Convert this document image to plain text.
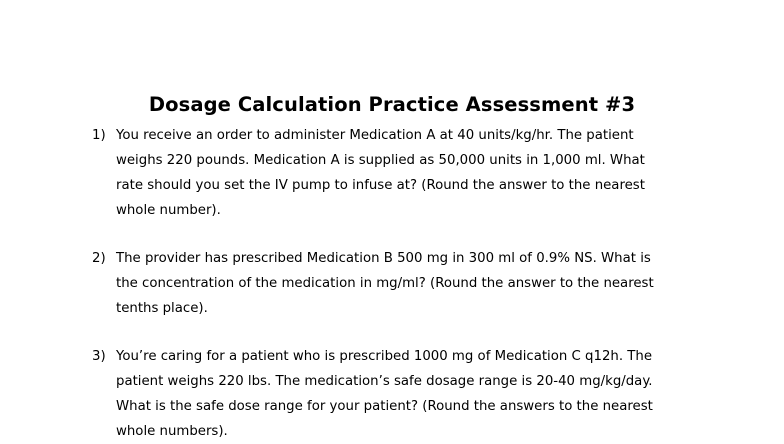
Dosage Calculation Practice Assessment #3
1) You receive an order to administer Medication A at 40 units/kg/hr. The patient
weighs 220 pounds. Medication A is supplied as 50,000 units in 1,000 ml. What
rate should you set the IV pump to infuse at? (Round the answer to the nearest
whole number).
2) The provider has prescribed Medication B 500 mg in 300 ml of 0.9% NS. What is
the concentration of the medication in mg/ml? (Round the answer to the nearest
tenths place).
3) You’re caring for a patient who is prescribed 1000 mg of Medication C q12h. The
patient weighs 220 lbs. The medication’s safe dosage range is 20-40 mg/kg/day.
What is the safe dose range for your patient? (Round the answers to the nearest
whole numbers).
